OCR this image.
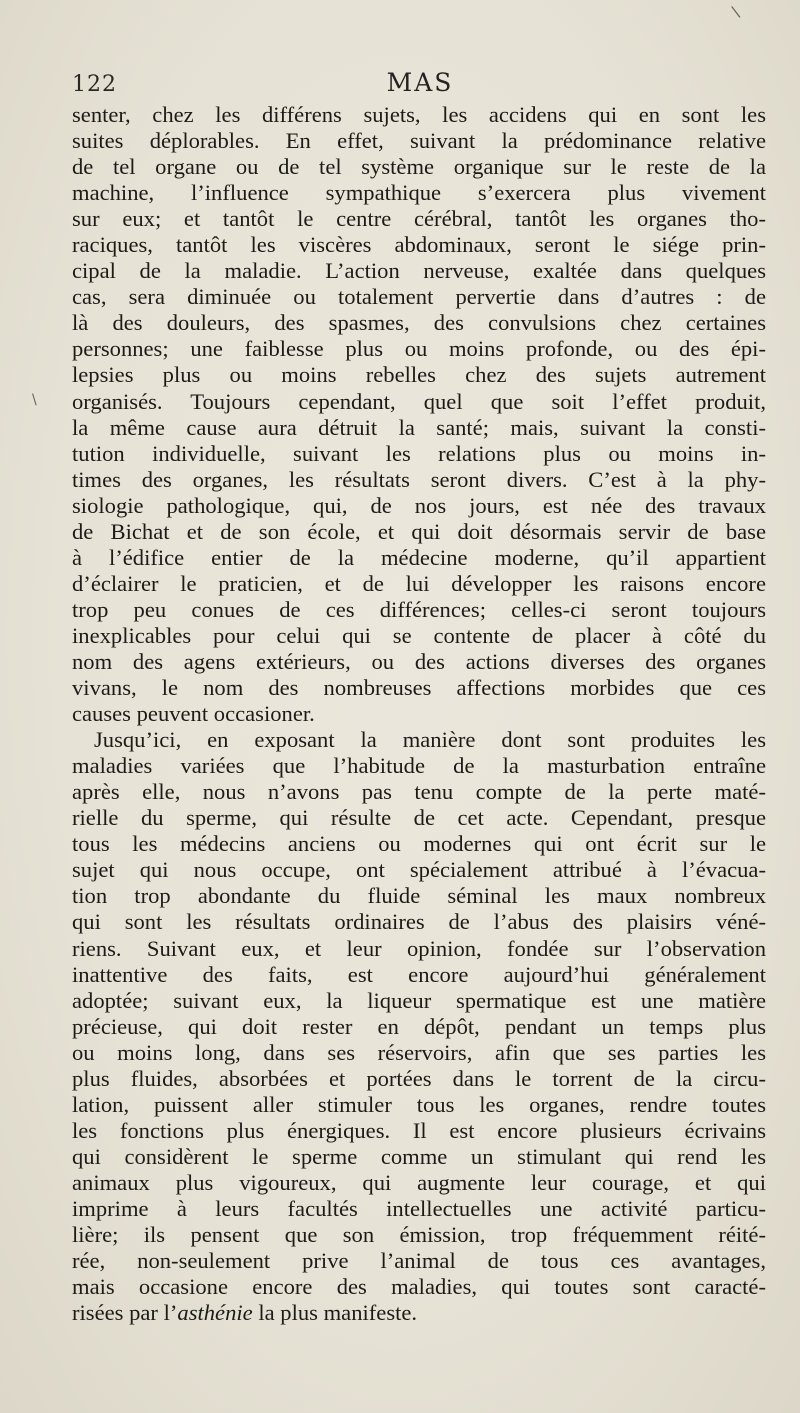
\
\
122	MAS
senter, chez les différens sujets, les accidens qui en sont les
suites déplorables. En effet, suivant la prédominance relative
de tel organe ou de tel système organique sur le reste de la
machine, l’influence sympathique s’exercera plus vivement
sur eux; et tantôt le centre cérébral, tantôt les organes tho-
raciques, tantôt les viscères abdominaux, seront le siége prin-
cipal de la maladie. L’action nerveuse, exaltée dans quelques
cas, sera diminuée ou totalement pervertie dans d’autres : de
là des douleurs, des spasmes, des convulsions chez certaines
personnes; une faiblesse plus ou moins profonde, ou des épi-
lepsies plus ou moins rebelles chez des sujets autrement
organisés. Toujours cependant, quel que soit l’effet produit,
la même cause aura détruit la santé; mais, suivant la consti-
tution individuelle, suivant les relations plus ou moins in-
times des organes, les résultats seront divers. C’est à la phy-
siologie pathologique, qui, de nos jours, est née des travaux
de Bichat et de son école, et qui doit désormais servir de base
à l’édifice entier de la médecine moderne, qu’il appartient
d’éclairer le praticien, et de lui développer les raisons encore
trop peu conues de ces différences; celles-ci seront toujours
inexplicables pour celui qui se contente de placer à côté du
nom des agens extérieurs, ou des actions diverses des organes
vivans, le nom des nombreuses affections morbides que ces
causes peuvent occasioner.
Jusqu’ici, en exposant la manière dont sont produites les
maladies variées que l’habitude de la masturbation entraîne
après elle, nous n’avons pas tenu compte de la perte maté-
rielle du sperme, qui résulte de cet acte. Cependant, presque
tous les médecins anciens ou modernes qui ont écrit sur le
sujet qui nous occupe, ont spécialement attribué à l’évacua-
tion trop abondante du fluide séminal les maux nombreux
qui sont les résultats ordinaires de l’abus des plaisirs véné-
riens. Suivant eux, et leur opinion, fondée sur l’observation
inattentive des faits, est encore aujourd’hui généralement
adoptée; suivant eux, la liqueur spermatique est une matière
précieuse, qui doit rester en dépôt, pendant un temps plus
ou moins long, dans ses réservoirs, afin que ses parties les
plus fluides, absorbées et portées dans le torrent de la circu-
lation, puissent aller stimuler tous les organes, rendre toutes
les fonctions plus énergiques. Il est encore plusieurs écrivains
qui considèrent le sperme comme un stimulant qui rend les
animaux plus vigoureux, qui augmente leur courage, et qui
imprime à leurs facultés intellectuelles une activité particu-
lière; ils pensent que son émission, trop fréquemment réité-
rée, non-seulement prive l’animal de tous ces avantages,
mais occasione encore des maladies, qui toutes sont caracté-
risées par l’asthénie la plus manifeste.
